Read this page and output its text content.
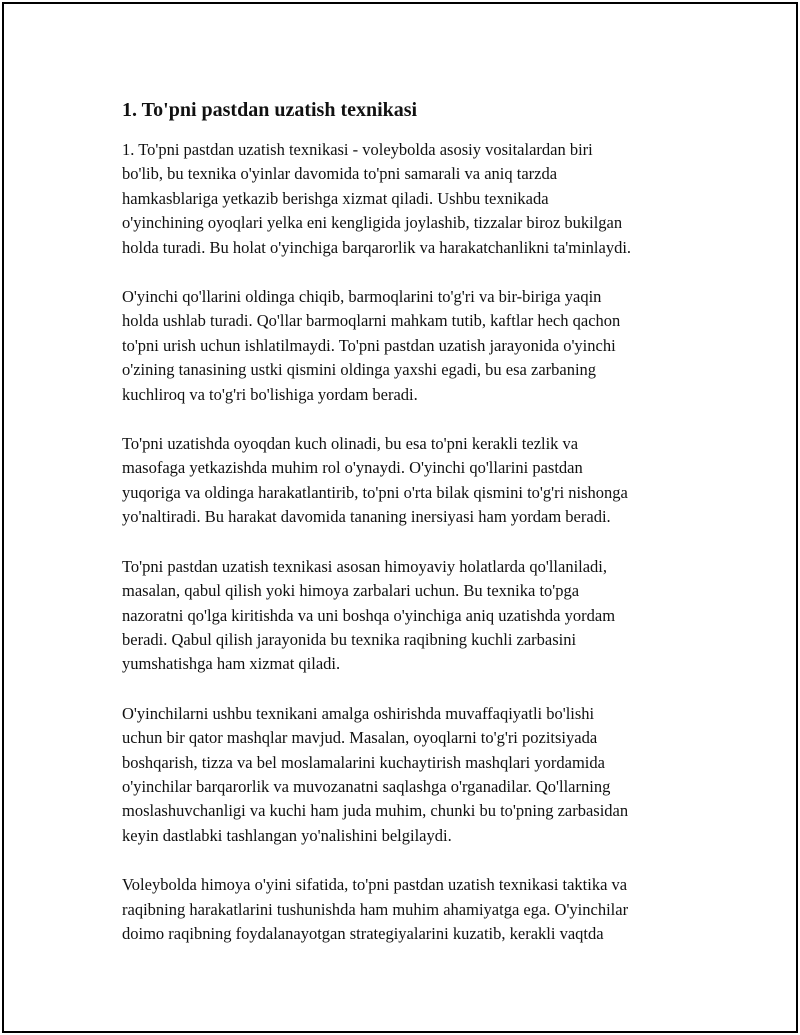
1. To'pni pastdan uzatish texnikasi

1. To'pni pastdan uzatish texnikasi - voleybolda asosiy vositalardan biri
bo'lib, bu texnika o'yinlar davomida to'pni samarali va aniq tarzda
hamkasblariga yetkazib berishga xizmat qiladi. Ushbu texnikada
o'yinchining oyoqlari yelka eni kengligida joylashib, tizzalar biroz bukilgan
holda turadi. Bu holat o'yinchiga barqarorlik va harakatchanlikni ta'minlaydi.

O'yinchi qo'llarini oldinga chiqib, barmoqlarini to'g'ri va bir-biriga yaqin
holda ushlab turadi. Qo'llar barmoqlarni mahkam tutib, kaftlar hech qachon
to'pni urish uchun ishlatilmaydi. To'pni pastdan uzatish jarayonida o'yinchi
o'zining tanasining ustki qismini oldinga yaxshi egadi, bu esa zarbaning
kuchliroq va to'g'ri bo'lishiga yordam beradi.

To'pni uzatishda oyoqdan kuch olinadi, bu esa to'pni kerakli tezlik va
masofaga yetkazishda muhim rol o'ynaydi. O'yinchi qo'llarini pastdan
yuqoriga va oldinga harakatlantirib, to'pni o'rta bilak qismini to'g'ri nishonga
yo'naltiradi. Bu harakat davomida tananing inersiyasi ham yordam beradi.

To'pni pastdan uzatish texnikasi asosan himoyaviy holatlarda qo'llaniladi,
masalan, qabul qilish yoki himoya zarbalari uchun. Bu texnika to'pga
nazoratni qo'lga kiritishda va uni boshqa o'yinchiga aniq uzatishda yordam
beradi. Qabul qilish jarayonida bu texnika raqibning kuchli zarbasini
yumshatishga ham xizmat qiladi.

O'yinchilarni ushbu texnikani amalga oshirishda muvaffaqiyatli bo'lishi
uchun bir qator mashqlar mavjud. Masalan, oyoqlarni to'g'ri pozitsiyada
boshqarish, tizza va bel moslamalarini kuchaytirish mashqlari yordamida
o'yinchilar barqarorlik va muvozanatni saqlashga o'rganadilar. Qo'llarning
moslashuvchanligi va kuchi ham juda muhim, chunki bu to'pning zarbasidan
keyin dastlabki tashlangan yo'nalishini belgilaydi.

Voleybolda himoya o'yini sifatida, to'pni pastdan uzatish texnikasi taktika va
raqibning harakatlarini tushunishda ham muhim ahamiyatga ega. O'yinchilar
doimo raqibning foydalanayotgan strategiyalarini kuzatib, kerakli vaqtda
